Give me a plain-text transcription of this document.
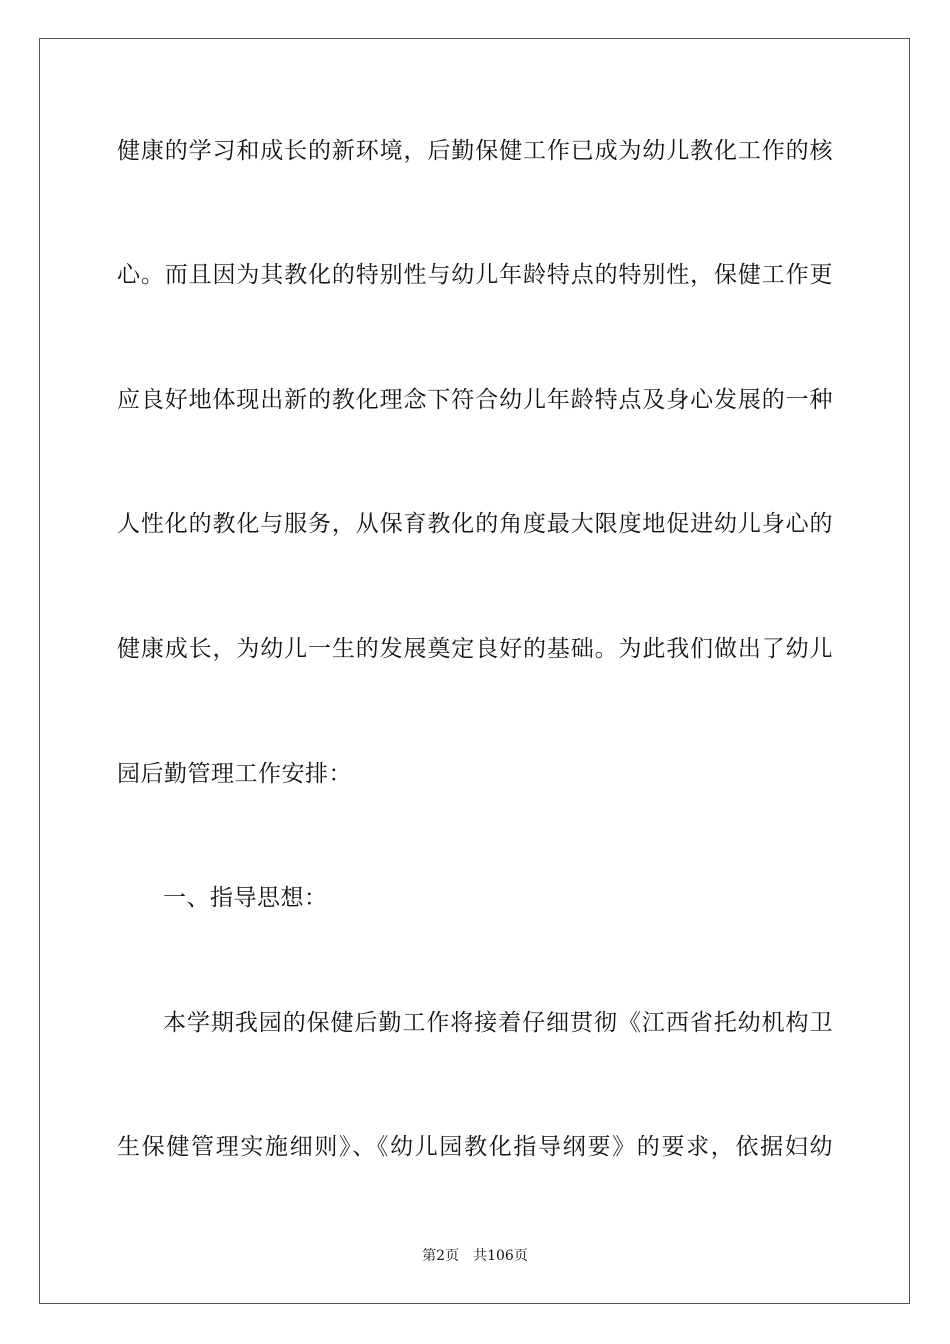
健康的学习和成长的新环境，后勤保健工作已成为幼儿教化工作的核
心。而且因为其教化的特别性与幼儿年龄特点的特别性，保健工作更
应良好地体现出新的教化理念下符合幼儿年龄特点及身心发展的一种
人性化的教化与服务，从保育教化的角度最大限度地促进幼儿身心的
健康成长，为幼儿一生的发展奠定良好的基础。为此我们做出了幼儿
园后勤管理工作安排：
一、指导思想：
本学期我园的保健后勤工作将接着仔细贯彻《江西省托幼机构卫
生保健管理实施细则》、《幼儿园教化指导纲要》的要求，依据妇幼
第2页 共106页
